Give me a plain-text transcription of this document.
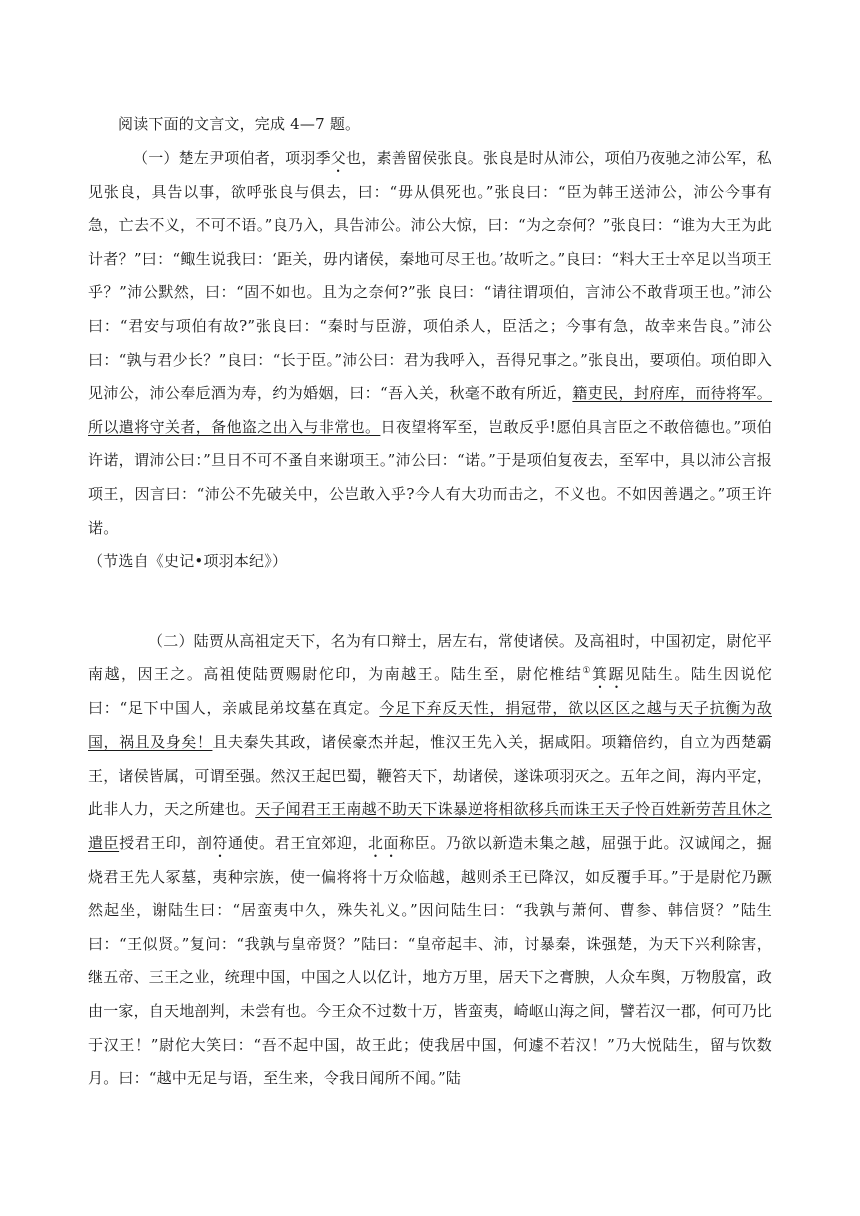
阅读下面的文言文，完成 4—7 题。

（一）楚左尹项伯者，项羽季父也，素善留侯张良。张良是时从沛公，项伯乃夜驰之沛公军，私见张良，具告以事，欲呼张良与俱去，曰：“毋从俱死也。”张良曰：“臣为韩王送沛公，沛公今事有急，亡去不义，不可不语。”良乃入，具告沛公。沛公大惊，曰：“为之奈何？”张良曰：“谁为大王为此计者？”曰：“鲰生说我曰：‘距关，毋内诸侯，秦地可尽王也。’故听之。”良曰：“料大王士卒足以当项王乎？”沛公默然，曰：“固不如也。且为之奈何?”张 良曰：“请往谓项伯，言沛公不敢背项王也。”沛公曰：“君安与项伯有故?”张良曰：“秦时与臣游，项伯杀人，臣活之；今事有急，故幸来告良。”沛公曰：“孰与君少长？”良曰：“长于臣。”沛公曰：君为我呼入，吾得兄事之。”张良出，要项伯。项伯即入见沛公，沛公奉卮酒为寿，约为婚姻，曰：“吾入关，秋毫不敢有所近，籍吏民，封府库，而待将军。所以遣将守关者，备他盗之出入与非常也。日夜望将军至，岂敢反乎!愿伯具言臣之不敢倍德也。”项伯许诺，谓沛公曰：”旦日不可不蚤自来谢项王。”沛公曰：“诺。”于是项伯复夜去，至军中，具以沛公言报项王，因言曰：“沛公不先破关中，公岂敢入乎?今人有大功而击之，不义也。不如因善遇之。”项王许诺。

（节选自《史记•项羽本纪》）

（二）陆贾从高祖定天下，名为有口辩士，居左右，常使诸侯。及高祖时，中国初定，尉佗平南越，因王之。高祖使陆贾赐尉佗印，为南越王。陆生至，尉佗椎结①箕踞见陆生。陆生因说佗曰：“足下中国人，亲戚昆弟坟墓在真定。今足下弃反天性，捐冠带，欲以区区之越与天子抗衡为敌国，祸且及身矣！且夫秦失其政，诸侯豪杰并起，惟汉王先入关，据咸阳。项籍倍约，自立为西楚霸王，诸侯皆属，可谓至强。然汉王起巴蜀，鞭笞天下，劫诸侯，遂诛项羽灭之。五年之间，海内平定，此非人力，天之所建也。天子闻君王王南越不助天下诛暴逆将相欲移兵而诛王天子怜百姓新劳苦且休之遣臣授君王印，剖符通使。君王宜郊迎，北面称臣。乃欲以新造未集之越，屈强于此。汉诚闻之，掘烧君王先人冢墓，夷种宗族，使一偏将将十万众临越，越则杀王已降汉，如反覆手耳。”于是尉佗乃蹶然起坐，谢陆生曰：“居蛮夷中久，殊失礼义。”因问陆生曰：“我孰与萧何、曹参、韩信贤？”陆生曰：“王似贤。”复问：“我孰与皇帝贤？”陆曰：“皇帝起丰、沛，讨暴秦，诛强楚，为天下兴利除害，继五帝、三王之业，统理中国，中国之人以亿计，地方万里，居天下之膏腴，人众车舆，万物殷富，政由一家，自天地剖判，未尝有也。今王众不过数十万，皆蛮夷，崎岖山海之间，譬若汉一郡，何可乃比于汉王！”尉佗大笑曰：“吾不起中国，故王此；使我居中国，何遽不若汉！”乃大悦陆生，留与饮数月。曰：“越中无足与语，至生来，令我日闻所不闻。”陆
